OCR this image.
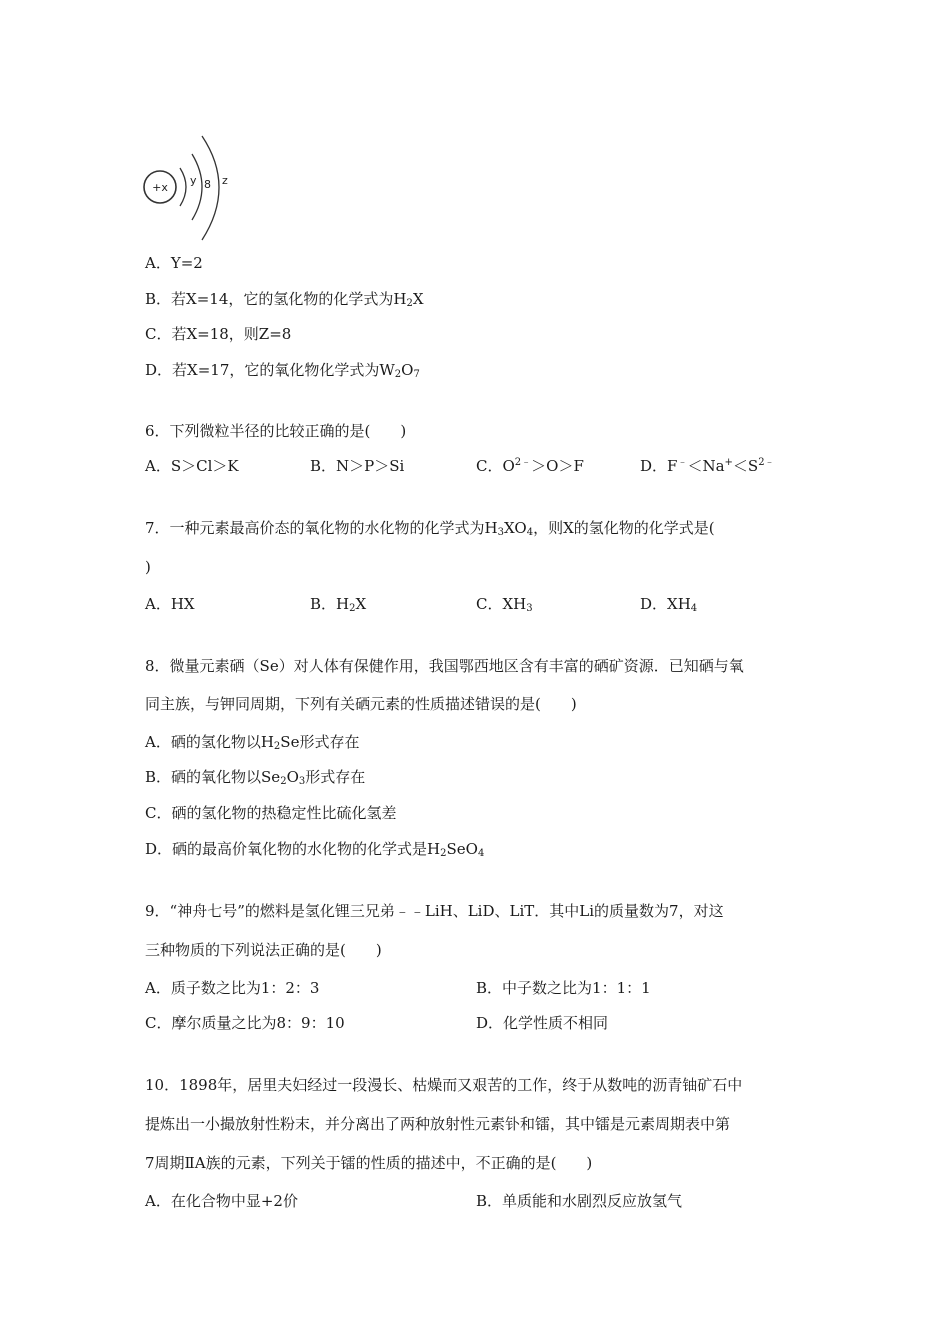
+x
y 8 z
A．Y=2
B．若X=14，它的氢化物的化学式为$H_2X$
C．若X=18，则Z=8
D．若X=17，它的氧化物化学式为$W_2O_7$
6．下列微粒半径的比较正确的是(　　)
A．S＞Cl＞K	B．N＞P＞Si	C．$O^{2﹣}>O>F$	D．$F^﹣<Na^+<S^{2﹣}$
7．一种元素最高价态的氧化物的水化物的化学式为$H_3XO_4$，则X的氢化物的化学式是(
)
A．HX	B．$H_2X$	C．$XH_3$	D．$XH_4$
8．微量元素硒（Se）对人体有保健作用，我国鄂西地区含有丰富的硒矿资源．已知硒与氧
同主族，与钾同周期，下列有关硒元素的性质描述错误的是(　　)
A．硒的氢化物以$H_2Se$形式存在
B．硒的氧化物以$Se_2O_3$形式存在
C．硒的氢化物的热稳定性比硫化氢差
D．硒的最高价氧化物的水化物的化学式是$H_2SeO_4$
9．“神舟七号”的燃料是氢化锂三兄弟﹣﹣LiH、LiD、LiT．其中Li的质量数为7，对这
三种物质的下列说法正确的是(　　)
A．质子数之比为1：2：3	B．中子数之比为1：1：1
C．摩尔质量之比为8：9：10	D．化学性质不相同
10．1898年，居里夫妇经过一段漫长、枯燥而又艰苦的工作，终于从数吨的沥青铀矿石中
提炼出一小撮放射性粉末，并分离出了两种放射性元素钋和镭，其中镭是元素周期表中第
7周期ⅡA族的元素，下列关于镭的性质的描述中，不正确的是(　　)
A．在化合物中显+2价	B．单质能和水剧烈反应放氢气
